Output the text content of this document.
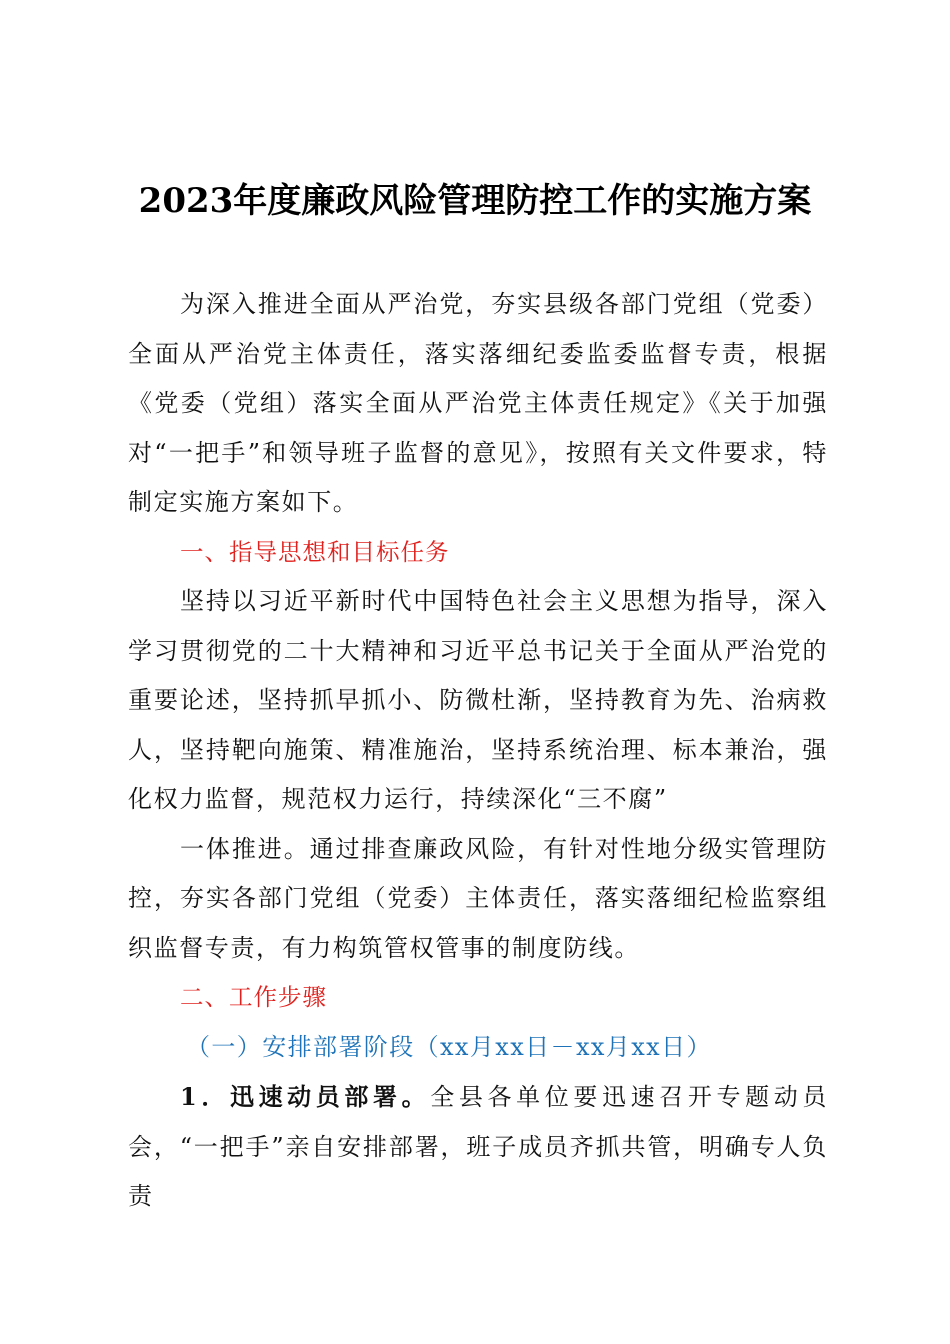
2023年度廉政风险管理防控工作的实施方案

为深入推进全面从严治党，夯实县级各部门党组（党委）全面从严治党主体责任，落实落细纪委监委监督专责，根据《党委（党组）落实全面从严治党主体责任规定》《关于加强对“一把手”和领导班子监督的意见》，按照有关文件要求，特制定实施方案如下。

一、指导思想和目标任务

坚持以习近平新时代中国特色社会主义思想为指导，深入学习贯彻党的二十大精神和习近平总书记关于全面从严治党的重要论述，坚持抓早抓小、防微杜渐，坚持教育为先、治病救人，坚持靶向施策、精准施治，坚持系统治理、标本兼治，强化权力监督，规范权力运行，持续深化“三不腐”

一体推进。通过排查廉政风险，有针对性地分级实管理防控，夯实各部门党组（党委）主体责任，落实落细纪检监察组织监督专责，有力构筑管权管事的制度防线。

二、工作步骤

（一）安排部署阶段（xx月xx日－xx月xx日）

1．迅速动员部署。全县各单位要迅速召开专题动员会，“一把手”亲自安排部署，班子成员齐抓共管，明确专人负责
